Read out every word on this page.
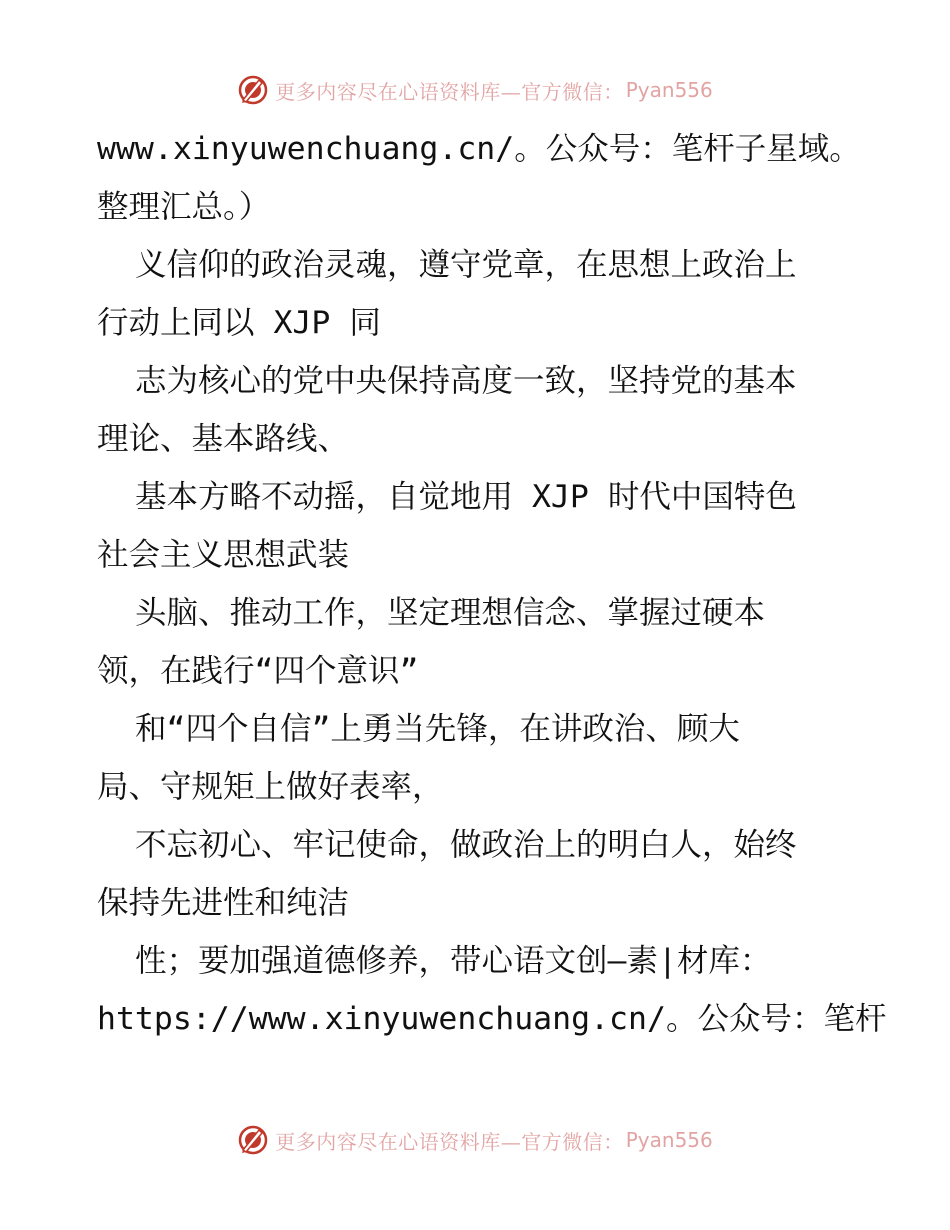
更多内容尽在心语资料库—官方微信： Pyan556
www.xinyuwenchuang.cn/。公众号：笔杆子星域。
整理汇总。）
义信仰的政治灵魂，遵守党章，在思想上政治上
行动上同以 XJP 同
志为核心的党中央保持高度一致，坚持党的基本
理论、基本路线、
基本方略不动摇，自觉地用 XJP 时代中国特色
社会主义思想武装
头脑、推动工作，坚定理想信念、掌握过硬本
领，在践行“四个意识”
和“四个自信”上勇当先锋，在讲政治、顾大
局、守规矩上做好表率，
不忘初心、牢记使命，做政治上的明白人，始终
保持先进性和纯洁
性；要加强道德修养，带心语文创—素|材库：
https://www.xinyuwenchuang.cn/。公众号：笔杆
更多内容尽在心语资料库—官方微信： Pyan556
